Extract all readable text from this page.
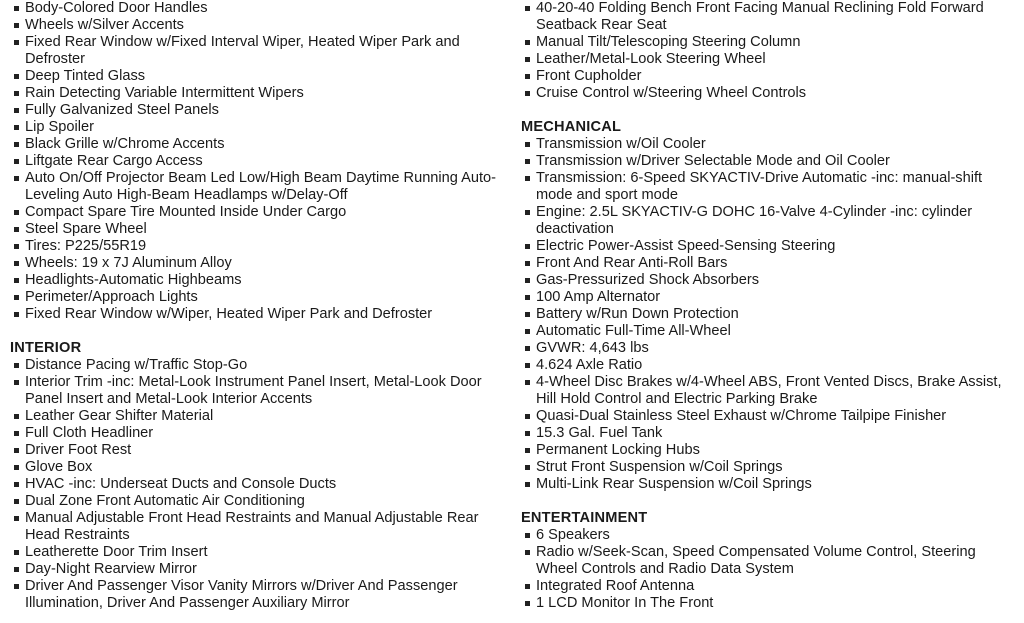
Body-Colored Door Handles
Wheels w/Silver Accents
Fixed Rear Window w/Fixed Interval Wiper, Heated Wiper Park and Defroster
Deep Tinted Glass
Rain Detecting Variable Intermittent Wipers
Fully Galvanized Steel Panels
Lip Spoiler
Black Grille w/Chrome Accents
Liftgate Rear Cargo Access
Auto On/Off Projector Beam Led Low/High Beam Daytime Running Auto-Leveling Auto High-Beam Headlamps w/Delay-Off
Compact Spare Tire Mounted Inside Under Cargo
Steel Spare Wheel
Tires: P225/55R19
Wheels: 19 x 7J Aluminum Alloy
Headlights-Automatic Highbeams
Perimeter/Approach Lights
Fixed Rear Window w/Wiper, Heated Wiper Park and Defroster
INTERIOR
Distance Pacing w/Traffic Stop-Go
Interior Trim -inc: Metal-Look Instrument Panel Insert, Metal-Look Door Panel Insert and Metal-Look Interior Accents
Leather Gear Shifter Material
Full Cloth Headliner
Driver Foot Rest
Glove Box
HVAC -inc: Underseat Ducts and Console Ducts
Dual Zone Front Automatic Air Conditioning
Manual Adjustable Front Head Restraints and Manual Adjustable Rear Head Restraints
Leatherette Door Trim Insert
Day-Night Rearview Mirror
Driver And Passenger Visor Vanity Mirrors w/Driver And Passenger Illumination, Driver And Passenger Auxiliary Mirror
40-20-40 Folding Bench Front Facing Manual Reclining Fold Forward Seatback Rear Seat
Manual Tilt/Telescoping Steering Column
Leather/Metal-Look Steering Wheel
Front Cupholder
Cruise Control w/Steering Wheel Controls
MECHANICAL
Transmission w/Oil Cooler
Transmission w/Driver Selectable Mode and Oil Cooler
Transmission: 6-Speed SKYACTIV-Drive Automatic -inc: manual-shift mode and sport mode
Engine: 2.5L SKYACTIV-G DOHC 16-Valve 4-Cylinder -inc: cylinder deactivation
Electric Power-Assist Speed-Sensing Steering
Front And Rear Anti-Roll Bars
Gas-Pressurized Shock Absorbers
100 Amp Alternator
Battery w/Run Down Protection
Automatic Full-Time All-Wheel
GVWR: 4,643 lbs
4.624 Axle Ratio
4-Wheel Disc Brakes w/4-Wheel ABS, Front Vented Discs, Brake Assist, Hill Hold Control and Electric Parking Brake
Quasi-Dual Stainless Steel Exhaust w/Chrome Tailpipe Finisher
15.3 Gal. Fuel Tank
Permanent Locking Hubs
Strut Front Suspension w/Coil Springs
Multi-Link Rear Suspension w/Coil Springs
ENTERTAINMENT
6 Speakers
Radio w/Seek-Scan, Speed Compensated Volume Control, Steering Wheel Controls and Radio Data System
Integrated Roof Antenna
1 LCD Monitor In The Front
